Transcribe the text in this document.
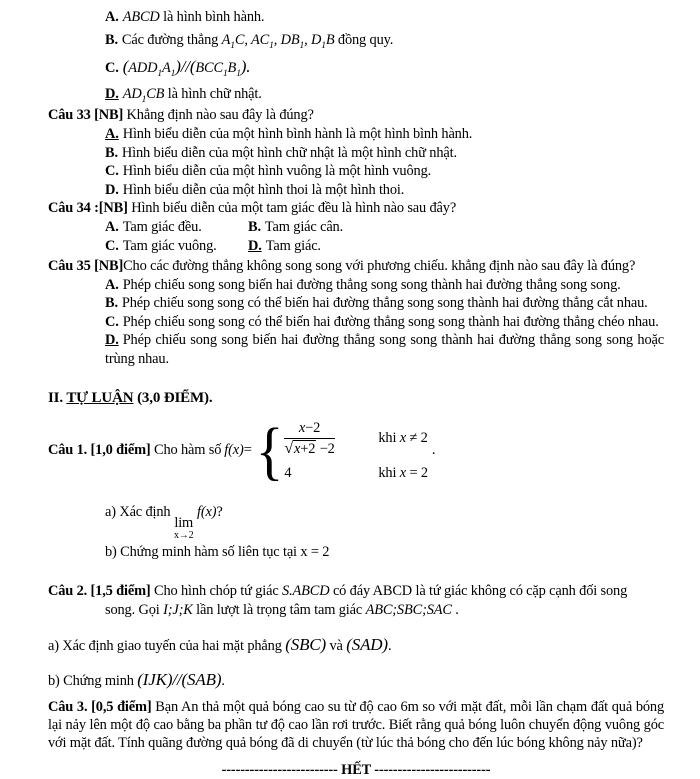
A. ABCD là hình bình hành.
B. Các đường thẳng $A_1C$, $AC_1$, $DB_1$, $D_1B$ đồng quy.
C. $(ADD_1A_1)//(BCC_1B_1)$.
D. $AD_1CB$ là hình chữ nhật.
Câu 33 [NB] Khẳng định nào sau đây là đúng?
A. Hình biểu diễn của một hình bình hành là một hình bình hành.
B. Hình biểu diễn của một hình chữ nhật là một hình chữ nhật.
C. Hình biểu diễn của một hình vuông là một hình vuông.
D. Hình biểu diễn của một hình thoi là một hình thoi.
Câu 34 :[NB] Hình biểu diễn của một tam giác đều là hình nào sau đây?
A. Tam giác đều.	B. Tam giác cân.
C. Tam giác vuông.	D. Tam giác.
Câu 35 [NB]Cho các đường thẳng không song song với phương chiếu. khẳng định nào sau đây là đúng?
A. Phép chiếu song song biến hai đường thẳng song song thành hai đường thẳng song song.
B. Phép chiếu song song có thể biến hai đường thẳng song song thành hai đường thẳng cắt nhau.
C. Phép chiếu song song có thể biến hai đường thẳng song song thành hai đường thẳng chéo nhau.
D. Phép chiếu song song biến hai đường thẳng song song thành hai đường thẳng song song hoặc trùng nhau.
II. TỰ LUẬN (3,0 ĐIỂM).
Câu 1. [1,0 điểm] Cho hàm số f(x)= { $\frac{x-2}{√x+2 -2}$	khi x ≠ 2
4	khi x = 2
.
a) Xác định
lim
x→2
f(x)?
b) Chứng minh hàm số liên tục tại x = 2
Câu 2. [1,5 điểm] Cho hình chóp tứ giác S.ABCD có đáy ABCD là tứ giác không có cặp cạnh đối song
song. Gọi I;J;K lần lượt là trọng tâm tam giác ABC;SBC;SAC .
a) Xác định giao tuyến của hai mặt phẳng (SBC) và (SAD).
b) Chứng minh (IJK)//(SAB).
Câu 3. [0,5 điểm] Bạn An thả một quả bóng cao su từ độ cao 6m so với mặt đất, mỗi lần chạm đất quả bóng lại nảy lên một độ cao bằng ba phần tư độ cao lần rơi trước. Biết rằng quả bóng luôn chuyển động vuông góc với mặt đất. Tính quãng đường quả bóng đã di chuyển (từ lúc thả bóng cho đến lúc bóng không nảy nữa)?
------------------------- HẾT -------------------------
